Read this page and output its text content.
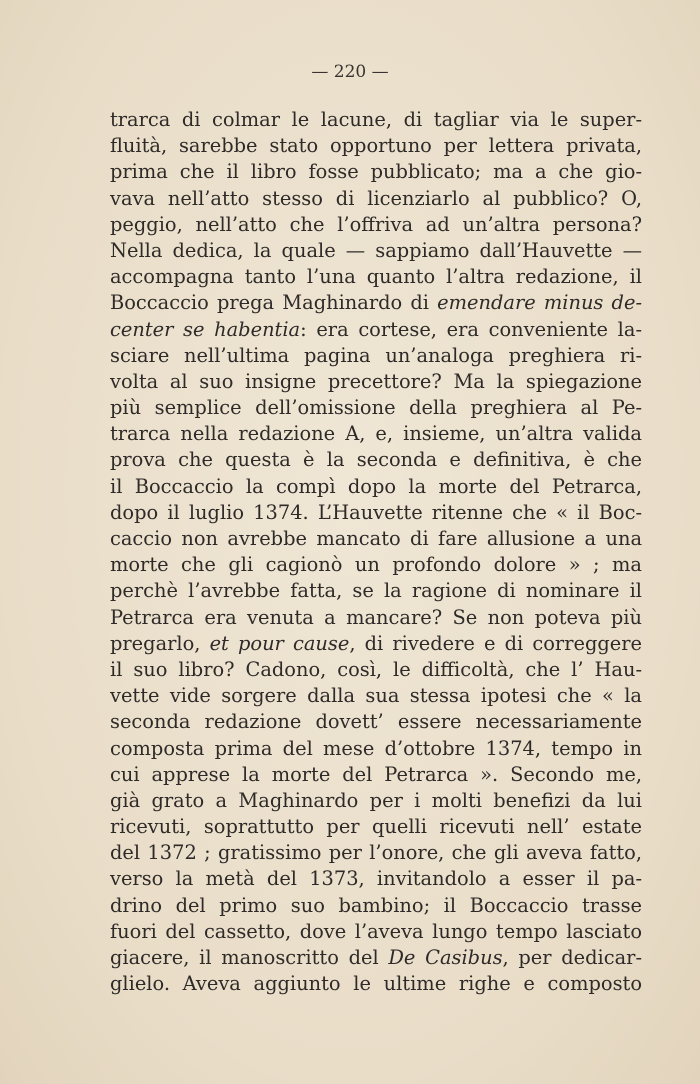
— 220 —
trarca di colmar le lacune, di tagliar via le super-
fluità, sarebbe stato opportuno per lettera privata,
prima che il libro fosse pubblicato; ma a che gio-
vava nell’atto stesso di licenziarlo al pubblico? O,
peggio, nell’atto che l’offriva ad un’altra persona?
Nella dedica, la quale — sappiamo dall’Hauvette —
accompagna tanto l’una quanto l’altra redazione, il
Boccaccio prega Maghinardo di emendare minus de-
center se habentia: era cortese, era conveniente la-
sciare nell’ultima pagina un’analoga preghiera ri-
volta al suo insigne precettore? Ma la spiegazione
più semplice dell’omissione della preghiera al Pe-
trarca nella redazione A, e, insieme, un’altra valida
prova che questa è la seconda e definitiva, è che
il Boccaccio la compì dopo la morte del Petrarca,
dopo il luglio 1374. L’Hauvette ritenne che « il Boc-
caccio non avrebbe mancato di fare allusione a una
morte che gli cagionò un profondo dolore » ; ma
perchè l’avrebbe fatta, se la ragione di nominare il
Petrarca era venuta a mancare? Se non poteva più
pregarlo, et pour cause, di rivedere e di correggere
il suo libro? Cadono, così, le difficoltà, che l’ Hau-
vette vide sorgere dalla sua stessa ipotesi che « la
seconda redazione dovett’ essere necessariamente
composta prima del mese d’ottobre 1374, tempo in
cui apprese la morte del Petrarca ». Secondo me,
già grato a Maghinardo per i molti benefizi da lui
ricevuti, soprattutto per quelli ricevuti nell’ estate
del 1372 ; gratissimo per l’onore, che gli aveva fatto,
verso la metà del 1373, invitandolo a esser il pa-
drino del primo suo bambino; il Boccaccio trasse
fuori del cassetto, dove l’aveva lungo tempo lasciato
giacere, il manoscritto del De Casibus, per dedicar-
glielo. Aveva aggiunto le ultime righe e composto
